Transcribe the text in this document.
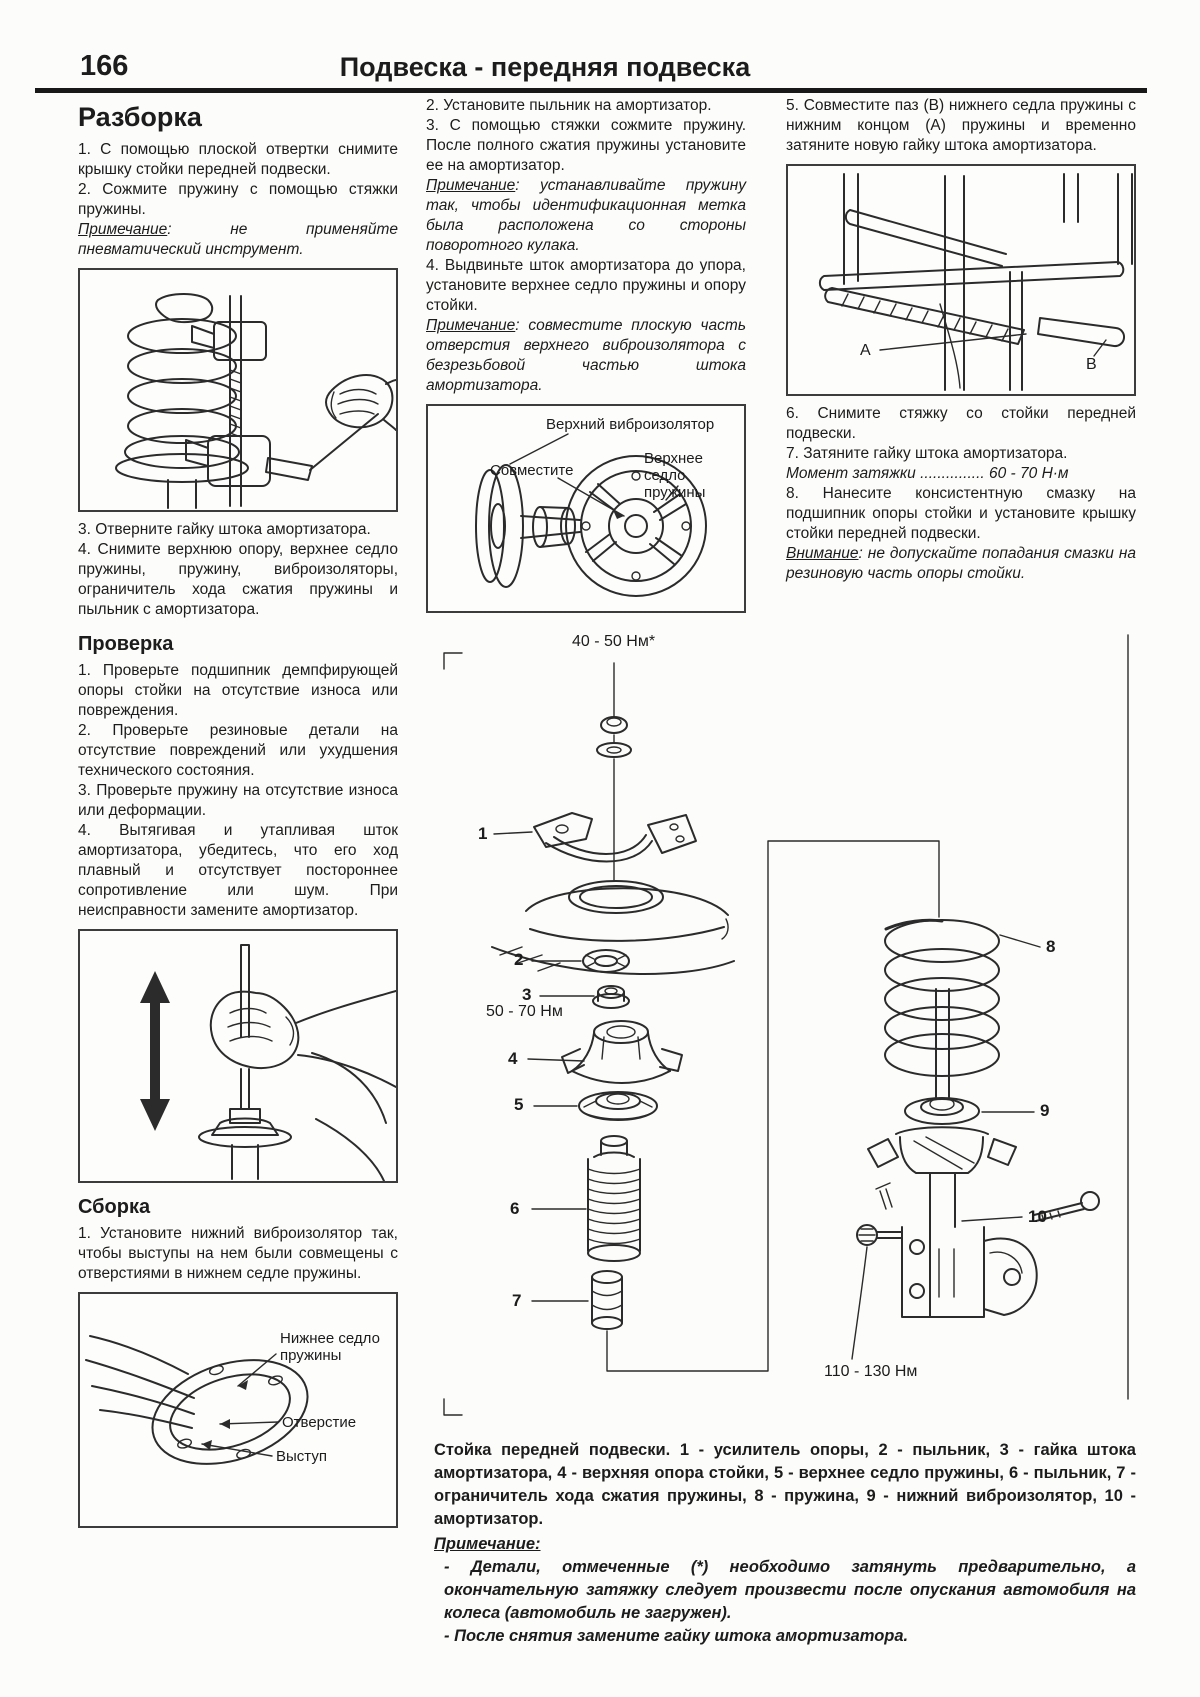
166	Подвеска - передняя подвеска
Разборка

1. С помощью плоской отвертки снимите крышку стойки передней подвески.

2. Сожмите пружину с помощью стяжки пружины.

Примечание: не применяйте пневматический инструмент.

3. Отверните гайку штока амортизатора.

4. Снимите верхнюю опору, верхнее седло пружины, пружину, виброизоляторы, ограничитель хода сжатия пружины и пыльник с амортизатора.

Проверка

1. Проверьте подшипник демпфирующей опоры стойки на отсутствие износа или повреждения.

2. Проверьте резиновые детали на отсутствие повреждений или ухудшения технического состояния.

3. Проверьте пружину на отсутствие износа или деформации.

4. Вытягивая и утапливая шток амортизатора, убедитесь, что его ход плавный и отсутствует постороннее сопротивление или шум. При неисправности замените амортизатор.

Сборка

1. Установите нижний виброизолятор так, чтобы выступы на нем были совмещены с отверстиями в нижнем седле пружины.

Нижнее седло пружины
Отверстие
Выступ

2. Установите пыльник на амортизатор.

3. С помощью стяжки сожмите пружину. После полного сжатия пружины установите ее на амортизатор.

Примечание: устанавливайте пружину так, чтобы идентификационная метка была расположена со стороны поворотного кулака.

4. Выдвиньте шток амортизатора до упора, установите верхнее седло пружины и опору стойки.

Примечание: совместите плоскую часть отверстия верхнего виброизолятора с безрезьбовой частью штока амортизатора.

Верхний виброизолятор
Верхнее седло пружины
Совместите

5. Совместите паз (В) нижнего седла пружины с нижним концом (А) пружины и временно затяните новую гайку штока амортизатора.

A
B

6. Снимите стяжку со стойки передней подвески.

7. Затяните гайку штока амортизатора.

Момент затяжки ............... 60 - 70 Н·м

8. Нанесите консистентную смазку на подшипник опоры стойки и установите крышку стойки передней подвески.

Внимание: не допускайте попадания смазки на резиновую часть опоры стойки.

40 - 50 Нм*
1
2
3
50 - 70 Нм
4
5
6
7
8
9
10
110 - 130 Нм

Стойка передней подвески. 1 - усилитель опоры, 2 - пыльник, 3 - гайка штока амортизатора, 4 - верхняя опора стойки, 5 - верхнее седло пружины, 6 - пыльник, 7 - ограничитель хода сжатия пружины, 8 - пружина, 9 - нижний виброизолятор, 10 - амортизатор.

Примечание:

- Детали, отмеченные (*) необходимо затянуть предварительно, а окончательную затяжку следует произвести после опускания автомобиля на колеса (автомобиль не загружен).

- После снятия замените гайку штока амортизатора.
